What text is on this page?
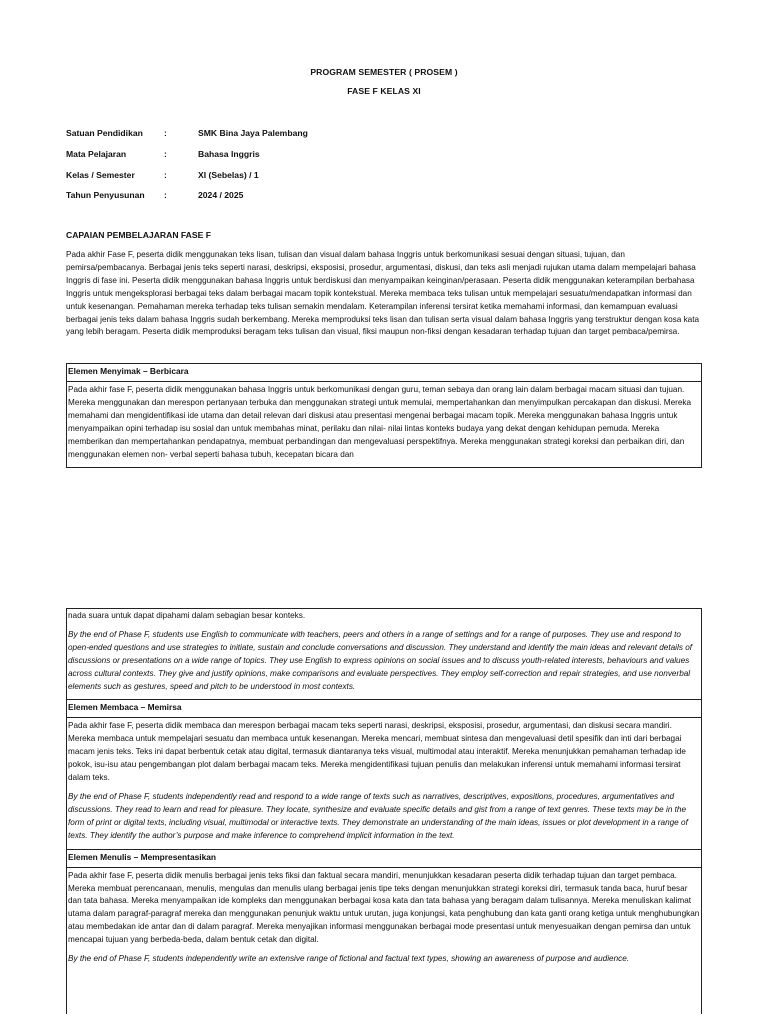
PROGRAM SEMESTER ( PROSEM )
FASE F KELAS XI
Satuan Pendidikan	:	SMK Bina Jaya Palembang
Mata Pelajaran	:	Bahasa Inggris
Kelas / Semester	:	XI (Sebelas) / 1
Tahun Penyusunan	:	2024 / 2025
CAPAIAN PEMBELAJARAN FASE F
Pada akhir Fase F, peserta didik menggunakan teks lisan, tulisan dan visual dalam bahasa Inggris untuk berkomunikasi sesuai dengan situasi, tujuan, dan pemirsa/pembacanya. Berbagai jenis teks seperti narasi, deskripsi, eksposisi, prosedur, argumentasi, diskusi, dan teks asli menjadi rujukan utama dalam mempelajari bahasa Inggris di fase ini. Peserta didik menggunakan bahasa Inggris untuk berdiskusi dan menyampaikan keinginan/perasaan. Peserta didik menggunakan keterampilan berbahasa Inggris untuk mengeksplorasi berbagai teks dalam berbagai macam topik kontekstual. Mereka membaca teks tulisan untuk mempelajari sesuatu/mendapatkan informasi dan untuk kesenangan. Pemahaman mereka terhadap teks tulisan semakin mendalam. Keterampilan inferensi tersirat ketika memahami informasi, dan kemampuan evaluasi berbagai jenis teks dalam bahasa Inggris sudah berkembang. Mereka memproduksi teks lisan dan tulisan serta visual dalam bahasa Inggris yang terstruktur dengan kosa kata yang lebih beragam. Peserta didik memproduksi beragam teks tulisan dan visual, fiksi maupun non-fiksi dengan kesadaran terhadap tujuan dan target pembaca/pemirsa.
Elemen Menyimak – Berbicara

Pada akhir fase F, peserta didik menggunakan bahasa Inggris untuk berkomunikasi dengan guru, teman sebaya dan orang lain dalam berbagai macam situasi dan tujuan. Mereka menggunakan dan merespon pertanyaan terbuka dan menggunakan strategi untuk memulai, mempertahankan dan menyimpulkan percakapan dan diskusi. Mereka memahami dan mengidentifikasi ide utama dan detail relevan dari diskusi atau presentasi mengenai berbagai macam topik. Mereka menggunakan bahasa Inggris untuk menyampaikan opini terhadap isu sosial dan untuk membahas minat, perilaku dan nilai- nilai lintas konteks budaya yang dekat dengan kehidupan pemuda. Mereka memberikan dan mempertahankan pendapatnya, membuat perbandingan dan mengevaluasi perspektifnya. Mereka menggunakan strategi koreksi dan perbaikan diri, dan menggunakan elemen non- verbal seperti bahasa tubuh, kecepatan bicara dan

nada suara untuk dapat dipahami dalam sebagian besar konteks.

By the end of Phase F, students use English to communicate with teachers, peers and others in a range of settings and for a range of purposes. They use and respond to open-ended questions and use strategies to initiate, sustain and conclude conversations and discussion. They understand and identify the main ideas and relevant details of discussions or presentations on a wide range of topics. They use English to express opinions on social issues and to discuss youth-related interests, behaviours and values across cultural contexts. They give and justify opinions, make comparisons and evaluate perspectives. They employ self-correction and repair strategies, and use nonverbal elements such as gestures, speed and pitch to be understood in most contexts.

Elemen Membaca – Memirsa

Pada akhir fase F, peserta didik membaca dan merespon berbagai macam teks seperti narasi, deskripsi, eksposisi, prosedur, argumentasi, dan diskusi secara mandiri. Mereka membaca untuk mempelajari sesuatu dan membaca untuk kesenangan. Mereka mencari, membuat sintesa dan mengevaluasi detil spesifik dan inti dari berbagai macam jenis teks. Teks ini dapat berbentuk cetak atau digital, termasuk diantaranya teks visual, multimodal atau interaktif. Mereka menunjukkan pemahaman terhadap ide pokok, isu-isu atau pengembangan plot dalam berbagai macam teks. Mereka mengidentifikasi tujuan penulis dan melakukan inferensi untuk memahami informasi tersirat dalam teks.

By the end of Phase F, students independently read and respond to a wide range of texts such as narratives, descriptives, expositions, procedures, argumentatives and discussions. They read to learn and read for pleasure. They locate, synthesize and evaluate specific details and gist from a range of text genres. These texts may be in the form of print or digital texts, including visual, multimodal or interactive texts. They demonstrate an understanding of the main ideas, issues or plot development in a range of texts. They identify the author’s purpose and make inference to comprehend implicit information in the text.

Elemen Menulis – Mempresentasikan

Pada akhir fase F, peserta didik menulis berbagai jenis teks fiksi dan faktual secara mandiri, menunjukkan kesadaran peserta didik terhadap tujuan dan target pembaca. Mereka membuat perencanaan, menulis, mengulas dan menulis ulang berbagai jenis tipe teks dengan menunjukkan strategi koreksi diri, termasuk tanda baca, huruf besar dan tata bahasa. Mereka menyampaikan ide kompleks dan menggunakan berbagai kosa kata dan tata bahasa yang beragam dalam tulisannya. Mereka menuliskan kalimat utama dalam paragraf-paragraf mereka dan menggunakan penunjuk waktu untuk urutan, juga konjungsi, kata penghubung dan kata ganti orang ketiga untuk menghubungkan atau membedakan ide antar dan di dalam paragraf. Mereka menyajikan informasi menggunakan berbagai mode presentasi untuk menyesuaikan dengan pemirsa dan untuk mencapai tujuan yang berbeda-beda, dalam bentuk cetak dan digital.

By the end of Phase F, students independently write an extensive range of fictional and factual text types, showing an awareness of purpose and audience.
